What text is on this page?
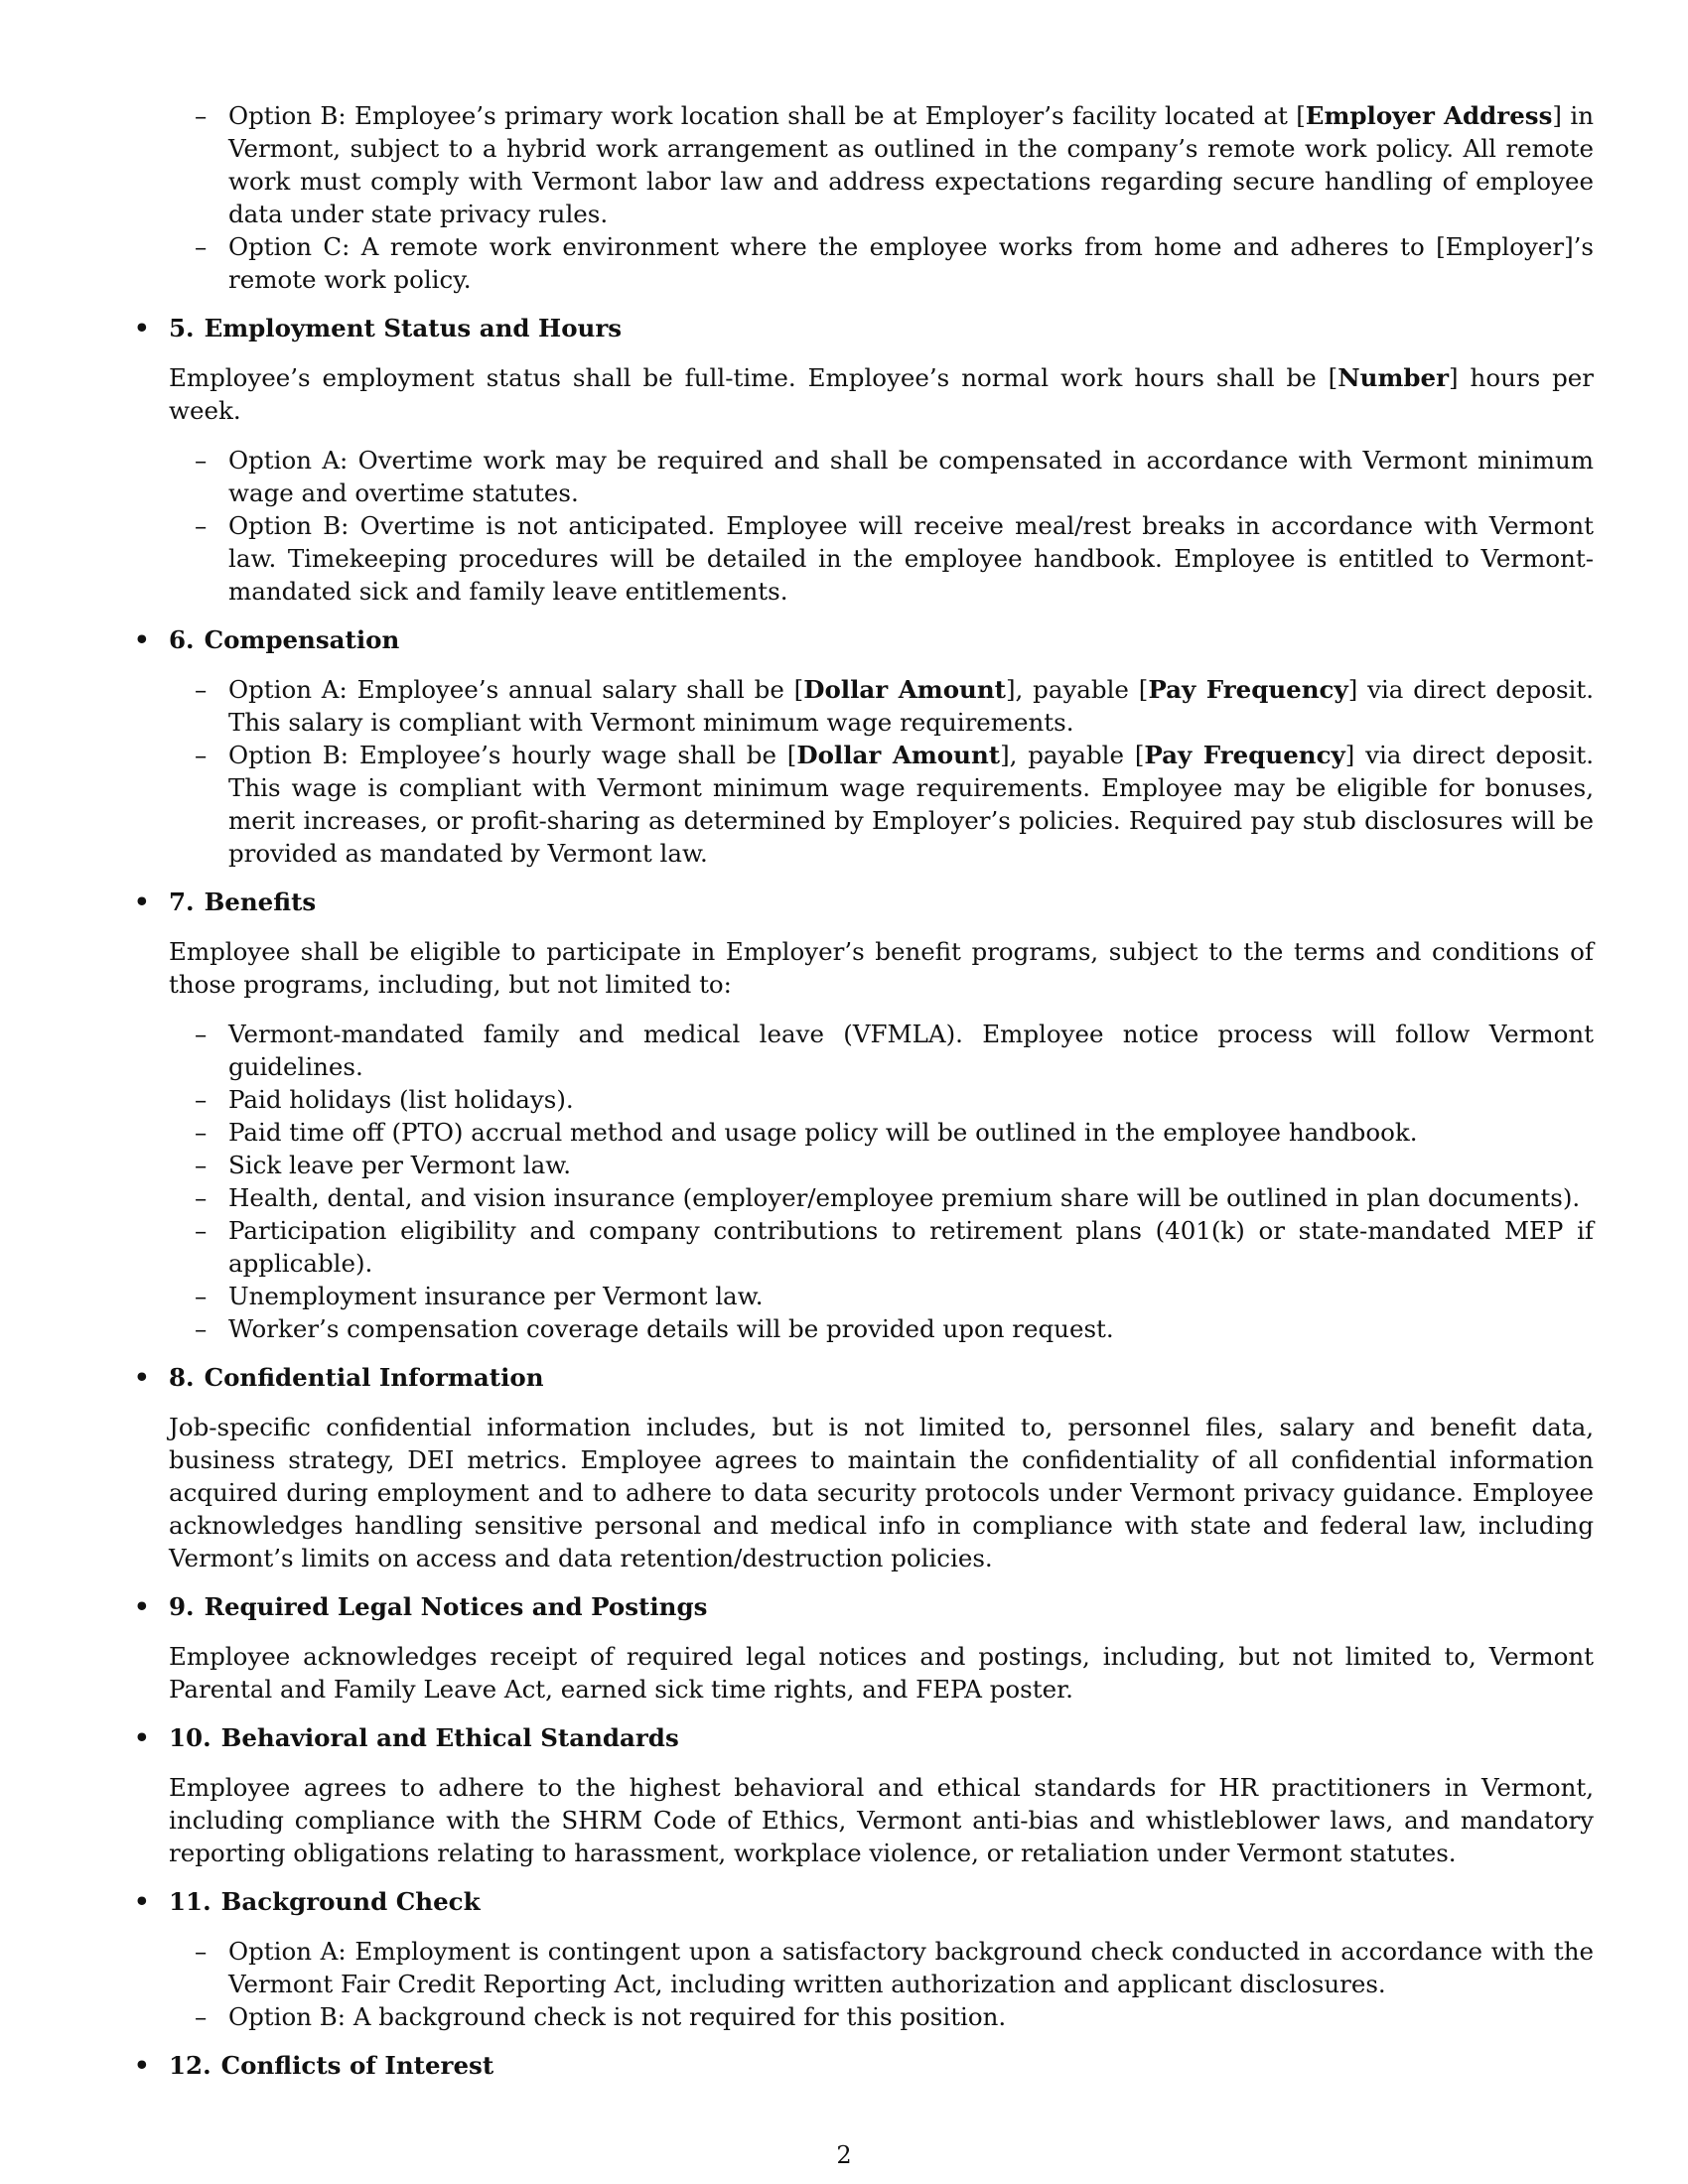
– Option B: Employee’s primary work location shall be at Employer’s facility located at [Employer Address] in Vermont, subject to a hybrid work arrangement as outlined in the company’s remote work policy. All remote work must comply with Vermont labor law and address expectations regarding secure handling of employee data under state privacy rules.
– Option C: A remote work environment where the employee works from home and adheres to [Employer]’s remote work policy.
• 5. Employment Status and Hours

Employee’s employment status shall be full-time. Employee’s normal work hours shall be [Number] hours per week.

– Option A: Overtime work may be required and shall be compensated in accordance with Vermont minimum wage and overtime statutes.
– Option B: Overtime is not anticipated. Employee will receive meal/rest breaks in accordance with Vermont law. Timekeeping procedures will be detailed in the employee handbook. Employee is entitled to Vermont-mandated sick and family leave entitlements.
• 6. Compensation
– Option A: Employee’s annual salary shall be [Dollar Amount], payable [Pay Frequency] via direct deposit. This salary is compliant with Vermont minimum wage requirements.
– Option B: Employee’s hourly wage shall be [Dollar Amount], payable [Pay Frequency] via direct deposit. This wage is compliant with Vermont minimum wage requirements. Employee may be eligible for bonuses, merit increases, or profit-sharing as determined by Employer’s policies. Required pay stub disclosures will be provided as mandated by Vermont law.
• 7. Benefits

Employee shall be eligible to participate in Employer’s benefit programs, subject to the terms and conditions of those programs, including, but not limited to:

– Vermont-mandated family and medical leave (VFMLA). Employee notice process will follow Vermont guidelines.
– Paid holidays (list holidays).
– Paid time off (PTO) accrual method and usage policy will be outlined in the employee handbook.
– Sick leave per Vermont law.
– Health, dental, and vision insurance (employer/employee premium share will be outlined in plan documents).
– Participation eligibility and company contributions to retirement plans (401(k) or state-mandated MEP if applicable).
– Unemployment insurance per Vermont law.
– Worker’s compensation coverage details will be provided upon request.
• 8. Confidential Information

Job-specific confidential information includes, but is not limited to, personnel files, salary and benefit data, business strategy, DEI metrics. Employee agrees to maintain the confidentiality of all confidential information acquired during employment and to adhere to data security protocols under Vermont privacy guidance. Employee acknowledges handling sensitive personal and medical info in compliance with state and federal law, including Vermont’s limits on access and data retention/destruction policies.

• 9. Required Legal Notices and Postings

Employee acknowledges receipt of required legal notices and postings, including, but not limited to, Vermont Parental and Family Leave Act, earned sick time rights, and FEPA poster.

• 10. Behavioral and Ethical Standards

Employee agrees to adhere to the highest behavioral and ethical standards for HR practitioners in Vermont, including compliance with the SHRM Code of Ethics, Vermont anti-bias and whistleblower laws, and mandatory reporting obligations relating to harassment, workplace violence, or retaliation under Vermont statutes.

• 11. Background Check
– Option A: Employment is contingent upon a satisfactory background check conducted in accordance with the Vermont Fair Credit Reporting Act, including written authorization and applicant disclosures.
– Option B: A background check is not required for this position.
• 12. Conflicts of Interest
2
